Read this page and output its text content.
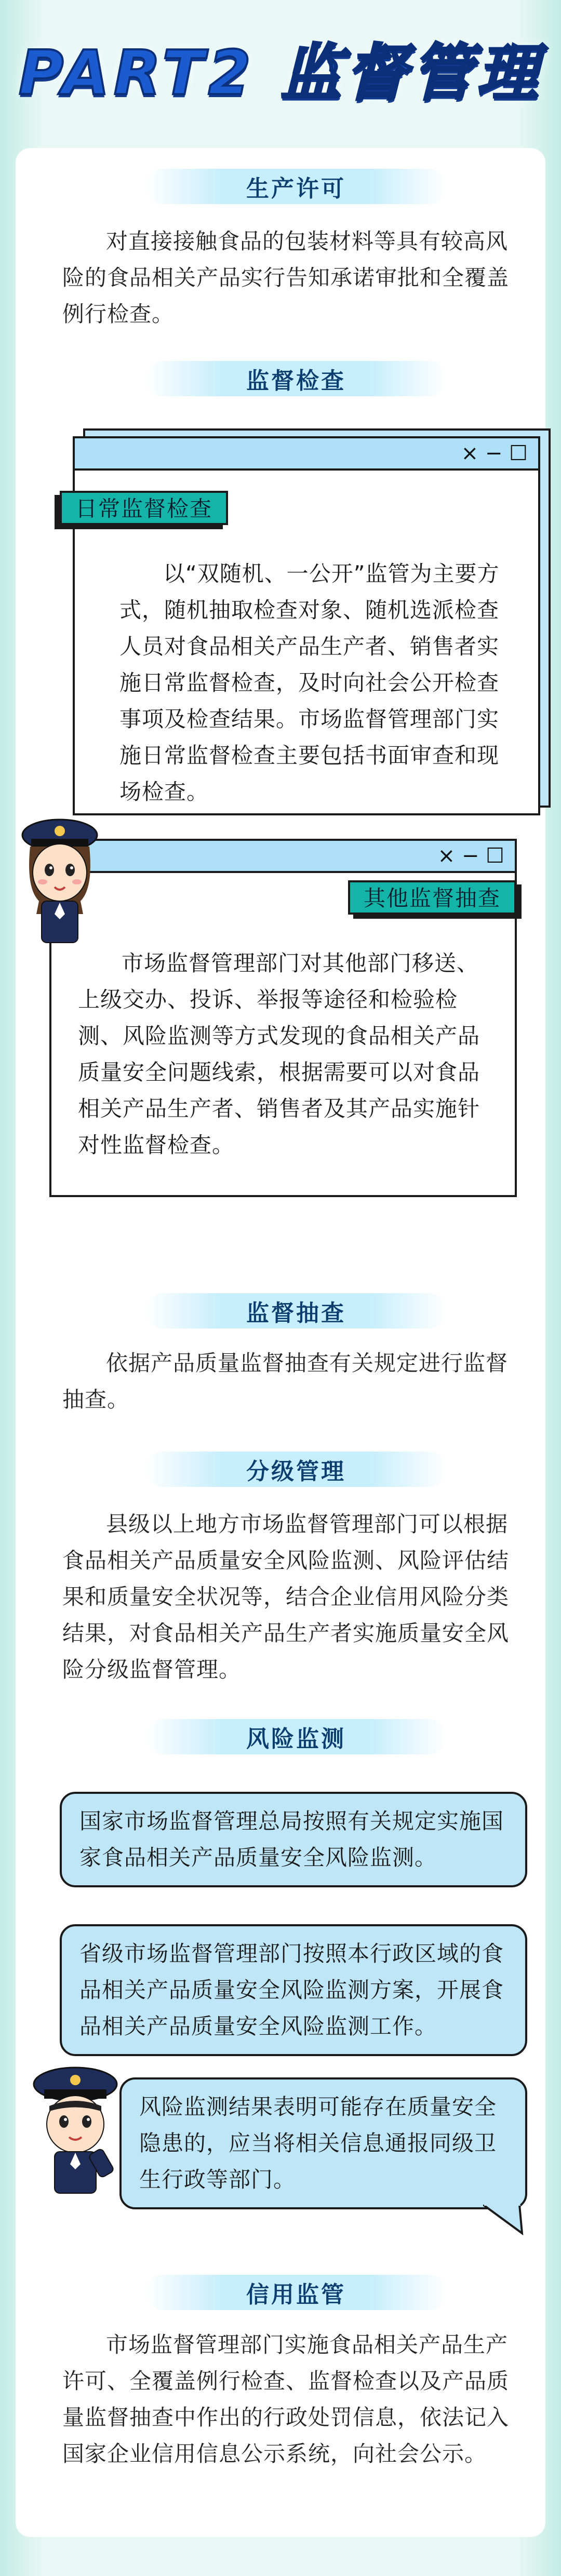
PART2 监督管理
生产许可
对直接接触食品的包装材料等具有较高风险的食品相关产品实行告知承诺审批和全覆盖例行检查。
监督检查
× − ☐
日常监督检查
以“双随机、一公开”监管为主要方式，随机抽取检查对象、随机选派检查人员对食品相关产品生产者、销售者实施日常监督检查，及时向社会公开检查事项及检查结果。市场监督管理部门实施日常监督检查主要包括书面审查和现场检查。
× − ☐
其他监督抽查
市场监督管理部门对其他部门移送、上级交办、投诉、举报等途径和检验检测、风险监测等方式发现的食品相关产品质量安全问题线索，根据需要可以对食品相关产品生产者、销售者及其产品实施针对性监督检查。
监督抽查
依据产品质量监督抽查有关规定进行监督抽查。
分级管理
县级以上地方市场监督管理部门可以根据食品相关产品质量安全风险监测、风险评估结果和质量安全状况等，结合企业信用风险分类结果，对食品相关产品生产者实施质量安全风险分级监督管理。
风险监测
国家市场监督管理总局按照有关规定实施国家食品相关产品质量安全风险监测。
省级市场监督管理部门按照本行政区域的食品相关产品质量安全风险监测方案，开展食品相关产品质量安全风险监测工作。
风险监测结果表明可能存在质量安全隐患的，应当将相关信息通报同级卫生行政等部门。
信用监管
市场监督管理部门实施食品相关产品生产许可、全覆盖例行检查、监督检查以及产品质量监督抽查中作出的行政处罚信息，依法记入国家企业信用信息公示系统，向社会公示。
